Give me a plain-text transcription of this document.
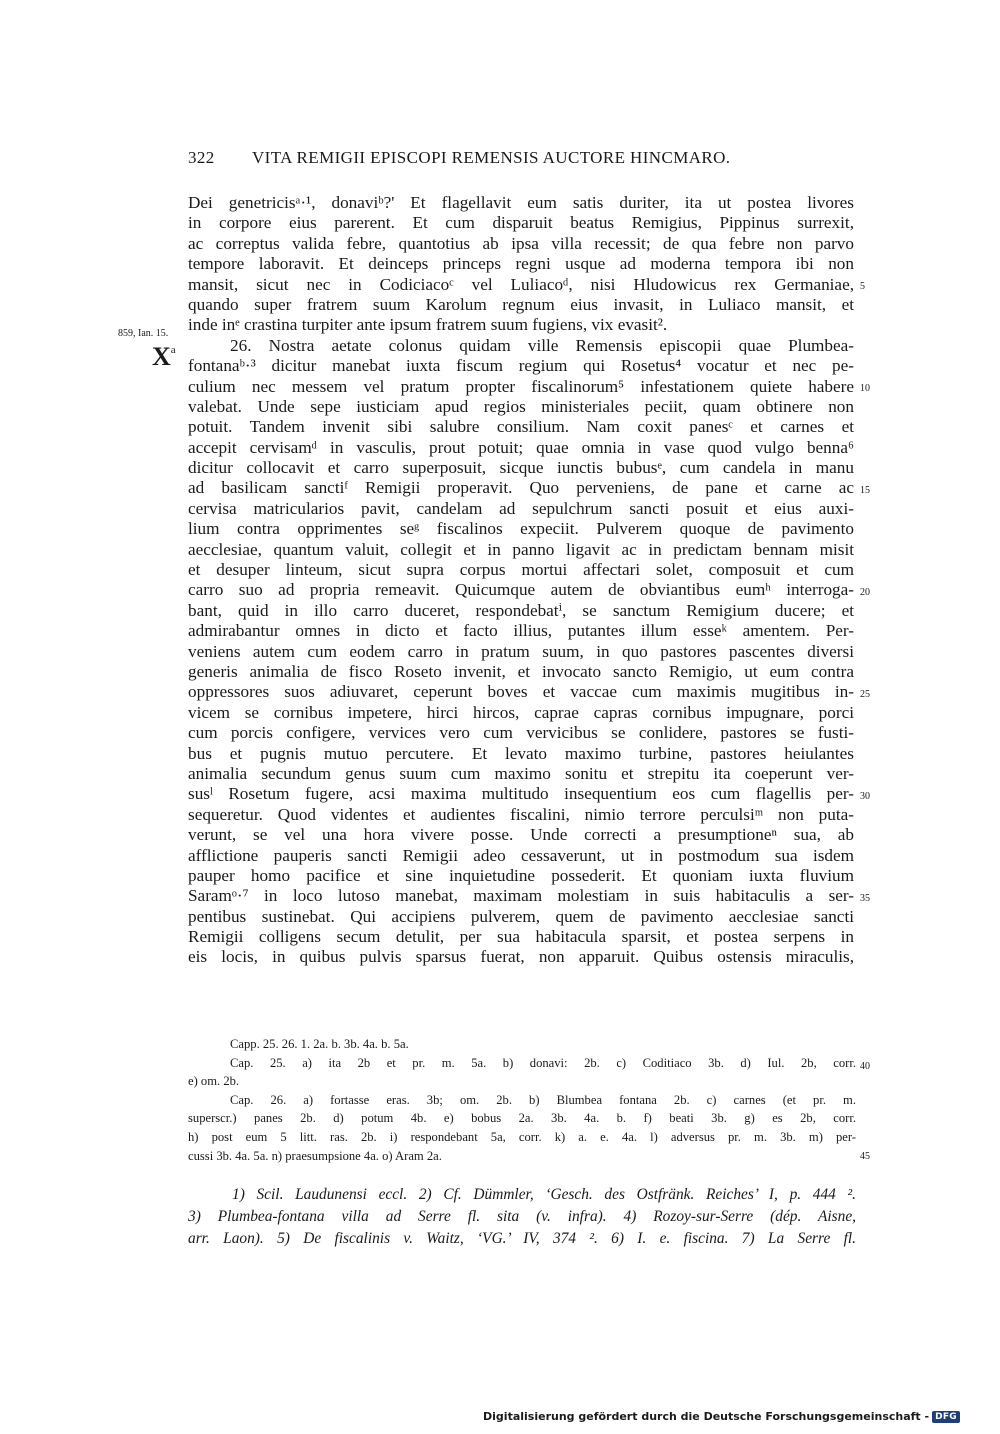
322 VITA REMIGII EPISCOPI REMENSIS AUCTORE HINCMARO.
859, Ian. 15.
$X^a$
Dei genetricisᵃ·¹, donaviᵇ?' Et flagellavit eum satis duriter, ita ut postea livores
in corpore eius parerent. Et cum disparuit beatus Remigius, Pippinus surrexit,
ac correptus valida febre, quantotius ab ipsa villa recessit; de qua febre non parvo
tempore laboravit. Et deinceps princeps regni usque ad moderna tempora ibi non
mansit, sicut nec in Codiciacoᶜ vel Luliacoᵈ, nisi Hludowicus rex Germaniae,
quando super fratrem suum Karolum regnum eius invasit, in Luliaco mansit, et
inde inᵉ crastina turpiter ante ipsum fratrem suum fugiens, vix evasit².
26. Nostra aetate colonus quidam ville Remensis episcopii quae Plumbea-
fontanaᵇ·³ dicitur manebat iuxta fiscum regium qui Rosetus⁴ vocatur et nec pe-
culium nec messem vel pratum propter fiscalinorum⁵ infestationem quiete habere
valebat. Unde sepe iusticiam apud regios ministeriales peciit, quam obtinere non
potuit. Tandem invenit sibi salubre consilium. Nam coxit panesᶜ et carnes et
accepit cervisamᵈ in vasculis, prout potuit; quae omnia in vase quod vulgo benna⁶
dicitur collocavit et carro superposuit, sicque iunctis bubusᵉ, cum candela in manu
ad basilicam sanctiᶠ Remigii properavit. Quo perveniens, de pane et carne ac
cervisa matricularios pavit, candelam ad sepulchrum sancti posuit et eius auxi-
lium contra opprimentes seᵍ fiscalinos expeciit. Pulverem quoque de pavimento
aecclesiae, quantum valuit, collegit et in panno ligavit ac in predictam bennam misit
et desuper linteum, sicut supra corpus mortui affectari solet, composuit et cum
carro suo ad propria remeavit. Quicumque autem de obviantibus eumʰ interroga-
bant, quid in illo carro duceret, respondebatⁱ, se sanctum Remigium ducere; et
admirabantur omnes in dicto et facto illius, putantes illum esseᵏ amentem. Per-
veniens autem cum eodem carro in pratum suum, in quo pastores pascentes diversi
generis animalia de fisco Roseto invenit, et invocato sancto Remigio, ut eum contra
oppressores suos adiuvaret, ceperunt boves et vaccae cum maximis mugitibus in-
vicem se cornibus impetere, hirci hircos, caprae capras cornibus impugnare, porci
cum porcis configere, vervices vero cum vervicibus se conlidere, pastores se fusti-
bus et pugnis mutuo percutere. Et levato maximo turbine, pastores heiulantes
animalia secundum genus suum cum maximo sonitu et strepitu ita coeperunt ver-
susˡ Rosetum fugere, acsi maxima multitudo insequentium eos cum flagellis per-
sequeretur. Quod videntes et audientes fiscalini, nimio terrore perculsiᵐ non puta-
verunt, se vel una hora vivere posse. Unde correcti a presumptioneⁿ sua, ab
afflictione pauperis sancti Remigii adeo cessaverunt, ut in postmodum sua isdem
pauper homo pacifice et sine inquietudine possederit. Et quoniam iuxta fluvium
Saramᵒ·⁷ in loco lutoso manebat, maximam molestiam in suis habitaculis a ser-
pentibus sustinebat. Qui accipiens pulverem, quem de pavimento aecclesiae sancti
Remigii colligens secum detulit, per sua habitacula sparsit, et postea serpens in
eis locis, in quibus pulvis sparsus fuerat, non apparuit. Quibus ostensis miraculis,
5
10
15
20
25
30
35
Capp. 25. 26. 1. 2a. b. 3b. 4a. b. 5a.
Cap. 25. a) ita 2b et pr. m. 5a. b) donavi: 2b. c) Coditiaco 3b. d) Iul. 2b, corr.
e) om. 2b.
Cap. 26. a) fortasse eras. 3b; om. 2b. b) Blumbea fontana 2b. c) carnes (et pr. m.
superscr.) panes 2b. d) potum 4b. e) bobus 2a. 3b. 4a. b. f) beati 3b. g) es 2b, corr.
h) post eum 5 litt. ras. 2b. i) respondebant 5a, corr. k) a. e. 4a. l) adversus pr. m. 3b. m) per-
cussi 3b. 4a. 5a. n) praesumpsione 4a. o) Aram 2a.
40
45
1) Scil. Laudunensi eccl. 2) Cf. Dümmler, ‘Gesch. des Ostfränk. Reiches’ I, p. 444 ².
3) Plumbea-fontana villa ad Serre fl. sita (v. infra). 4) Rozoy-sur-Serre (dép. Aisne,
arr. Laon). 5) De fiscalinis v. Waitz, ‘VG.’ IV, 374 ². 6) I. e. fiscina. 7) La Serre fl.
Digitalisierung gefördert durch die Deutsche Forschungsgemeinschaft - DFG
